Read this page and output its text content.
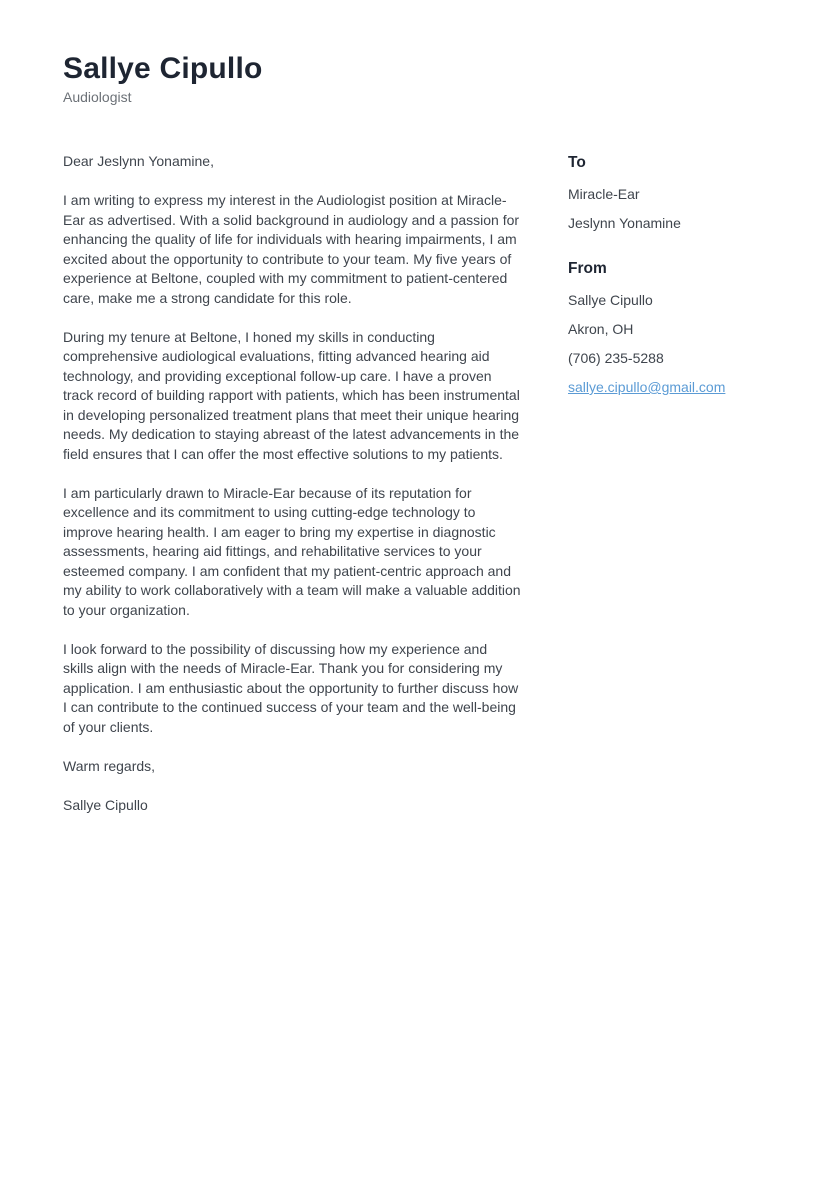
Sallye Cipullo
Audiologist

Dear Jeslynn Yonamine,

I am writing to express my interest in the Audiologist position at Miracle-Ear as advertised. With a solid background in audiology and a passion for enhancing the quality of life for individuals with hearing impairments, I am excited about the opportunity to contribute to your team. My five years of experience at Beltone, coupled with my commitment to patient-centered care, make me a strong candidate for this role.

During my tenure at Beltone, I honed my skills in conducting comprehensive audiological evaluations, fitting advanced hearing aid technology, and providing exceptional follow-up care. I have a proven track record of building rapport with patients, which has been instrumental in developing personalized treatment plans that meet their unique hearing needs. My dedication to staying abreast of the latest advancements in the field ensures that I can offer the most effective solutions to my patients.

I am particularly drawn to Miracle-Ear because of its reputation for excellence and its commitment to using cutting-edge technology to improve hearing health. I am eager to bring my expertise in diagnostic assessments, hearing aid fittings, and rehabilitative services to your esteemed company. I am confident that my patient-centric approach and my ability to work collaboratively with a team will make a valuable addition to your organization.

I look forward to the possibility of discussing how my experience and skills align with the needs of Miracle-Ear. Thank you for considering my application. I am enthusiastic about the opportunity to further discuss how I can contribute to the continued success of your team and the well-being of your clients.

Warm regards,

Sallye Cipullo

To
Miracle-Ear
Jeslynn Yonamine
From
Sallye Cipullo
Akron, OH
(706) 235-5288
sallye.cipullo@gmail.com
